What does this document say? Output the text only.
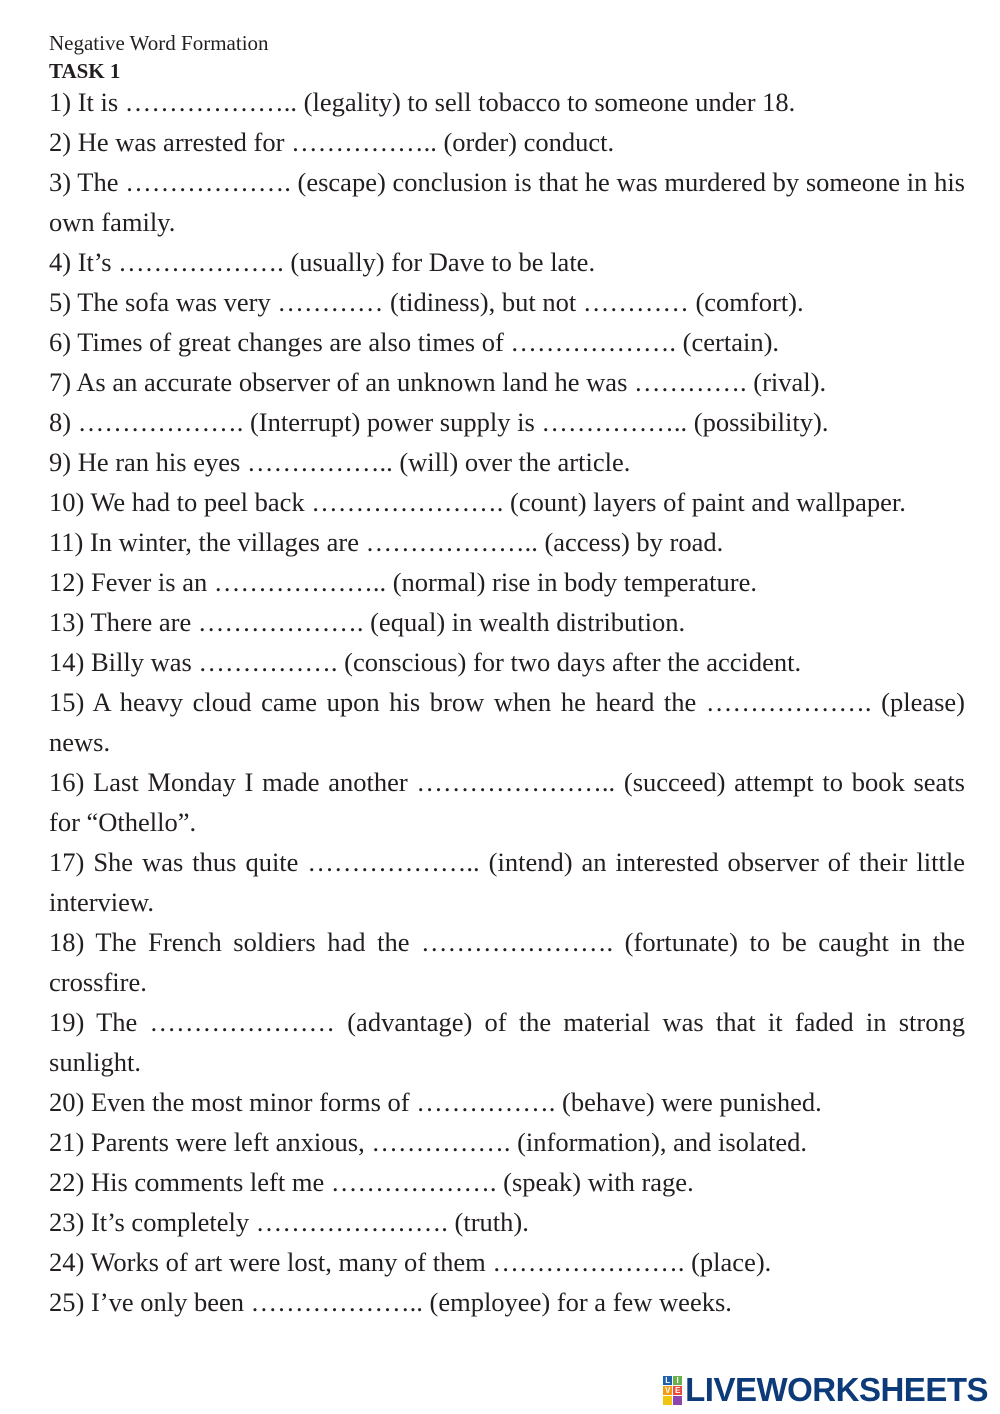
Negative Word Formation
TASK 1
1) It is ……………….. (legality) to sell tobacco to someone under 18.
2) He was arrested for …………….. (order) conduct.
3) The ………………. (escape) conclusion is that he was murdered by someone in his own family.
4) It’s ………………. (usually) for Dave to be late.
5) The sofa was very ………… (tidiness), but not ………… (comfort).
6) Times of great changes are also times of ………………. (certain).
7) As an accurate observer of an unknown land he was …………. (rival).
8) ………………. (Interrupt) power supply is …………….. (possibility).
9) He ran his eyes …………….. (will) over the article.
10) We had to peel back …………………. (count) layers of paint and wallpaper.
11) In winter, the villages are ……………….. (access) by road.
12) Fever is an ……………….. (normal) rise in body temperature.
13) There are ………………. (equal) in wealth distribution.
14) Billy was ……………. (conscious) for two days after the accident.
15) A heavy cloud came upon his brow when he heard the ………………. (please) news.
16) Last Monday I made another ………………….. (succeed) attempt to book seats for “Othello”.
17) She was thus quite ……………….. (intend) an interested observer of their little interview.
18) The French soldiers had the …………………. (fortunate) to be caught in the crossfire.
19) The ………………… (advantage) of the material was that it faded in strong sunlight.
20) Even the most minor forms of ……………. (behave) were punished.
21) Parents were left anxious, ……………. (information), and isolated.
22) His comments left me ………………. (speak) with rage.
23) It’s completely …………………. (truth).
24) Works of art were lost, many of them …………………. (place).
25) I’ve only been ……………….. (employee) for a few weeks.
L I
V E LIVEWORKSHEETS
